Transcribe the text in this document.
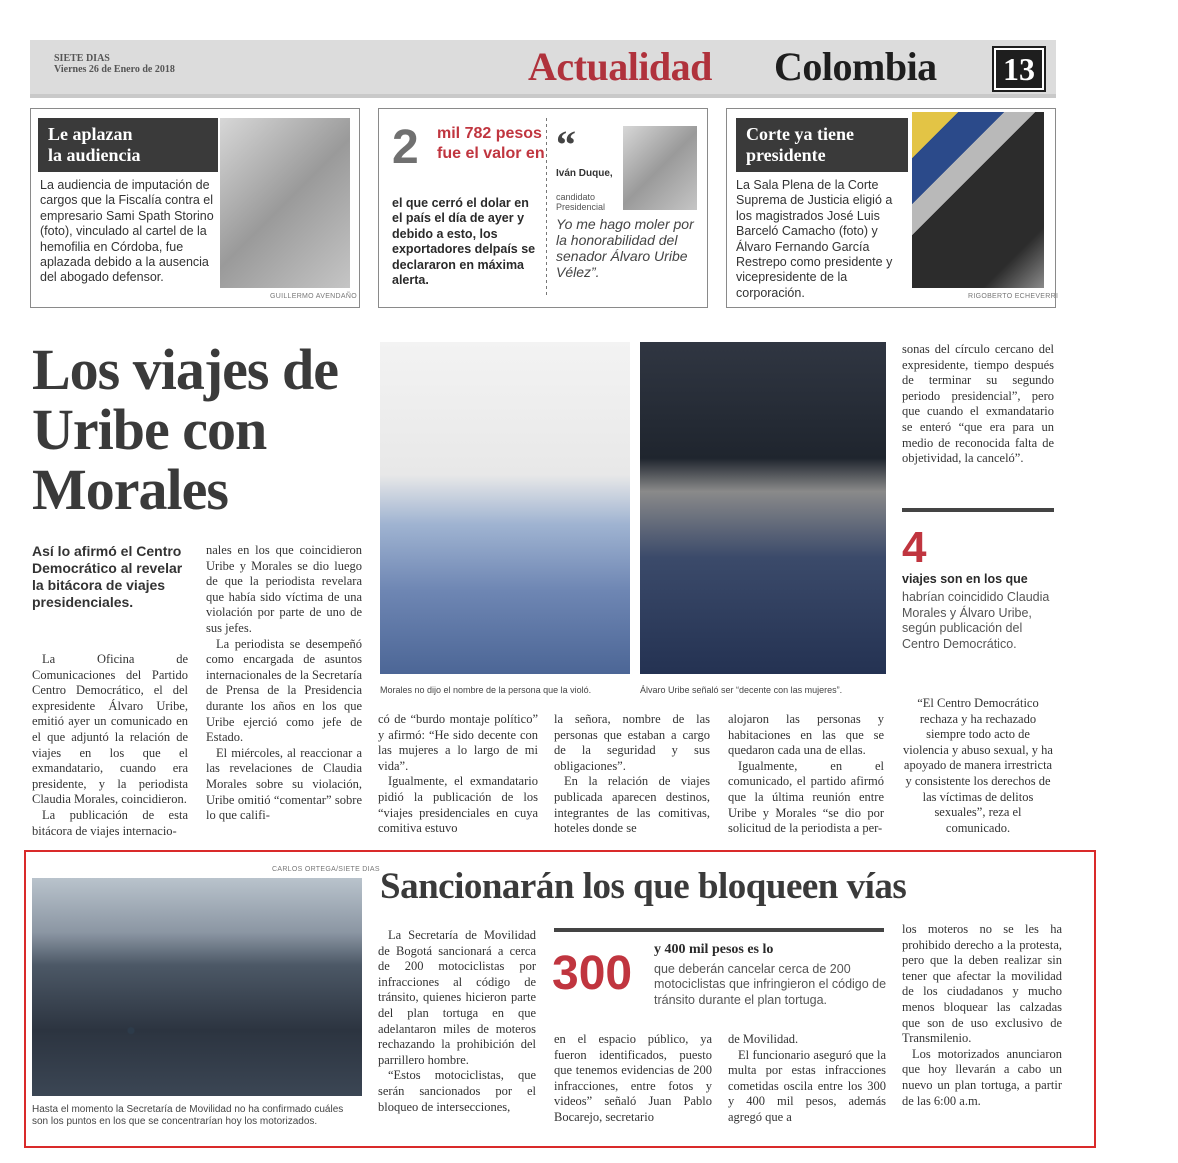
SIETE DIAS
Viernes 26 de Enero de 2018	Actualidad Colombia 13
Le aplazan
la audiencia
La audiencia de imputación de cargos que la Fiscalía contra el empresario Sami Spath Storino (foto), vinculado al cartel de la hemofilia en Córdoba, fue aplazada debido a la ausencia del abogado defensor.
GUILLERMO AVENDAÑO
2 mil 782 pesos fue el valor en
el que cerró el dolar en el país el día de ayer y debido a esto, los exportadores delpaís se declararon en máxima alerta.
“
Iván Duque,
candidato Presidencial
Yo me hago moler por la honorabilidad del senador Álvaro Uribe Vélez”.
Corte ya tiene
presidente
La Sala Plena de la Corte Suprema de Justicia eligió a los magistrados José Luis Barceló Camacho (foto) y Álvaro Fernando García Restrepo como presidente y vicepresidente de la corporación.	RIGOBERTO ECHEVERRI
Los viajes de
Uribe con
Morales
Así lo afirmó el Centro Democrático al revelar la bitácora de viajes presidenciales.
La Oficina de Comunicaciones del Partido Centro Democrático, el del expresidente Álvaro Uribe, emitió ayer un comunicado en el que adjuntó la relación de viajes en los que el exmandatario, cuando era presidente, y la periodista Claudia Morales, coincidieron.
La publicación de esta bitácora de viajes internacio-
nales en los que coincidieron Uribe y Morales se dio luego de que la periodista revelara que había sido víctima de una violación por parte de uno de sus jefes.
La periodista se desempeñó como encargada de asuntos internacionales de la Secretaría de Prensa de la Presidencia durante los años en los que Uribe ejerció como jefe de Estado.
El miércoles, al reaccionar a las revelaciones de Claudia Morales sobre su violación, Uribe omitió “comentar” sobre lo que califi-
Morales no dijo el nombre de la persona que la violó.	Álvaro Uribe señaló ser “decente con las mujeres”.
có de “burdo montaje político” y afirmó: “He sido decente con las mujeres a lo largo de mi vida”.
Igualmente, el exmandatario pidió la publicación de los “viajes presidenciales en cuya comitiva estuvo
la señora, nombre de las personas que estaban a cargo de la seguridad y sus obligaciones”.
En la relación de viajes publicada aparecen destinos, integrantes de las comitivas, hoteles donde se
alojaron las personas y habitaciones en las que se quedaron cada una de ellas.
Igualmente, en el comunicado, el partido afirmó que la última reunión entre Uribe y Morales “se dio por solicitud de la periodista a per-
sonas del círculo cercano del expresidente, tiempo después de terminar su segundo periodo presidencial”, pero que cuando el exmandatario se enteró “que era para un medio de reconocida falta de objetividad, la canceló”.
4
viajes son en los que
habrían coincidido Claudia Morales y Álvaro Uribe, según publicación del Centro Democrático.
“El Centro Democrático rechaza y ha rechazado siempre todo acto de violencia y abuso sexual, y ha apoyado de manera irrestricta y consistente los derechos de las víctimas de delitos sexuales”, reza el comunicado.
CARLOS ORTEGA/SIETE DIAS
Hasta el momento la Secretaría de Movilidad no ha confirmado cuáles son los puntos en los que se concentrarían hoy los motorizados.
Sancionarán los que bloqueen vías
La Secretaría de Movilidad de Bogotá sancionará a cerca de 200 motociclistas por infracciones al código de tránsito, quienes hicieron parte del plan tortuga en que adelantaron miles de moteros rechazando la prohibición del parrillero hombre.
“Estos motociclistas, que serán sancionados por el bloqueo de intersecciones,
300 y 400 mil pesos es lo
que deberán cancelar cerca de 200 motociclistas que infringieron el código de tránsito durante el plan tortuga.
en el espacio público, ya fueron identificados, puesto que tenemos evidencias de 200 infracciones, entre fotos y videos” señaló Juan Pablo Bocarejo, secretario
de Movilidad.
El funcionario aseguró que la multa por estas infracciones cometidas oscila entre los 300 y 400 mil pesos, además agregó que a
los moteros no se les ha prohibido derecho a la protesta, pero que la deben realizar sin tener que afectar la movilidad de los ciudadanos y mucho menos bloquear las calzadas que son de uso exclusivo de Transmilenio.
Los motorizados anunciaron que hoy llevarán a cabo un nuevo un plan tortuga, a partir de las 6:00 a.m.
